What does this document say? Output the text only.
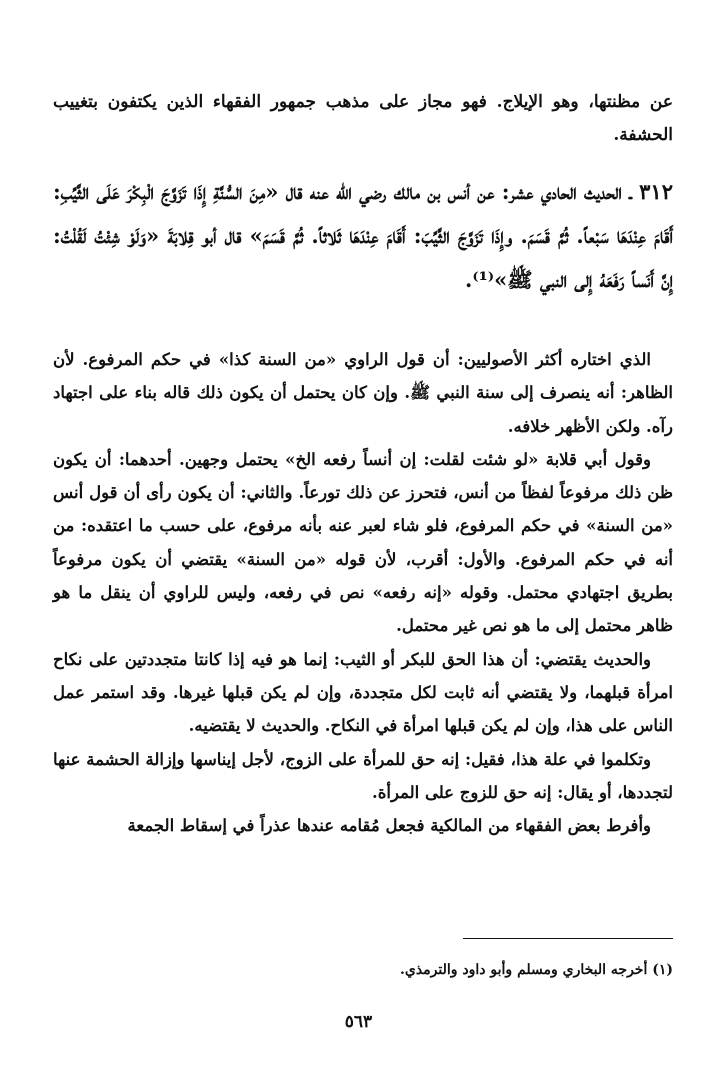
عن مظنتها، وهو الإيلاج. فهو مجاز على مذهب جمهور الفقهاء الذين يكتفون بتغييب الحشفة.

٣١٢ ـ الحديث الحادي عشر: عن أنس بن مالك رضي الله عنه قال «مِنَ السُّنَّةِ إِذَا تَزَوَّجَ الْبِكْرَ عَلَى الثَّيِّبِ: أَقَامَ عِنْدَهَا سَبْعاً. ثُمَّ قَسَمَ. وإِذَا تَزَوَّجَ الثَّيِّبَ: أَقَامَ عِنْدَهَا ثَلاثاً. ثُمَّ قَسَمَ» قال أبو قِلابَةَ «وَلَوْ شِئْتُ لَقُلْتُ: إِنَّ أَنَساً رَفَعَهُ إِلى النبي ﷺ»⁽¹⁾.

الذي اختاره أكثر الأصوليين: أن قول الراوي «من السنة كذا» في حكم المرفوع. لأن الظاهر: أنه ينصرف إلى سنة النبي ﷺ. وإن كان يحتمل أن يكون ذلك قاله بناء على اجتهاد رآه. ولكن الأظهر خلافه.

وقول أبي قلابة «لو شئت لقلت: إن أنساً رفعه الخ» يحتمل وجهين. أحدهما: أن يكون ظن ذلك مرفوعاً لفظاً من أنس، فتحرز عن ذلك تورعاً. والثاني: أن يكون رأى أن قول أنس «من السنة» في حكم المرفوع، فلو شاء لعبر عنه بأنه مرفوع، على حسب ما اعتقده: من أنه في حكم المرفوع. والأول: أقرب، لأن قوله «من السنة» يقتضي أن يكون مرفوعاً بطريق اجتهادي محتمل. وقوله «إنه رفعه» نص في رفعه، وليس للراوي أن ينقل ما هو ظاهر محتمل إلى ما هو نص غير محتمل.

والحديث يقتضي: أن هذا الحق للبكر أو الثيب: إنما هو فيه إذا كانتا متجددتين على نكاح امرأة قبلهما، ولا يقتضي أنه ثابت لكل متجددة، وإن لم يكن قبلها غيرها. وقد استمر عمل الناس على هذا، وإن لم يكن قبلها امرأة في النكاح. والحديث لا يقتضيه.

وتكلموا في علة هذا، فقيل: إنه حق للمرأة على الزوج، لأجل إيناسها وإزالة الحشمة عنها لتجددها، أو يقال: إنه حق للزوج على المرأة.

وأفرط بعض الفقهاء من المالكية فجعل مُقامه عندها عذراً في إسقاط الجمعة

(١) أخرجه البخاري ومسلم وأبو داود والترمذي.
٥٦٣
